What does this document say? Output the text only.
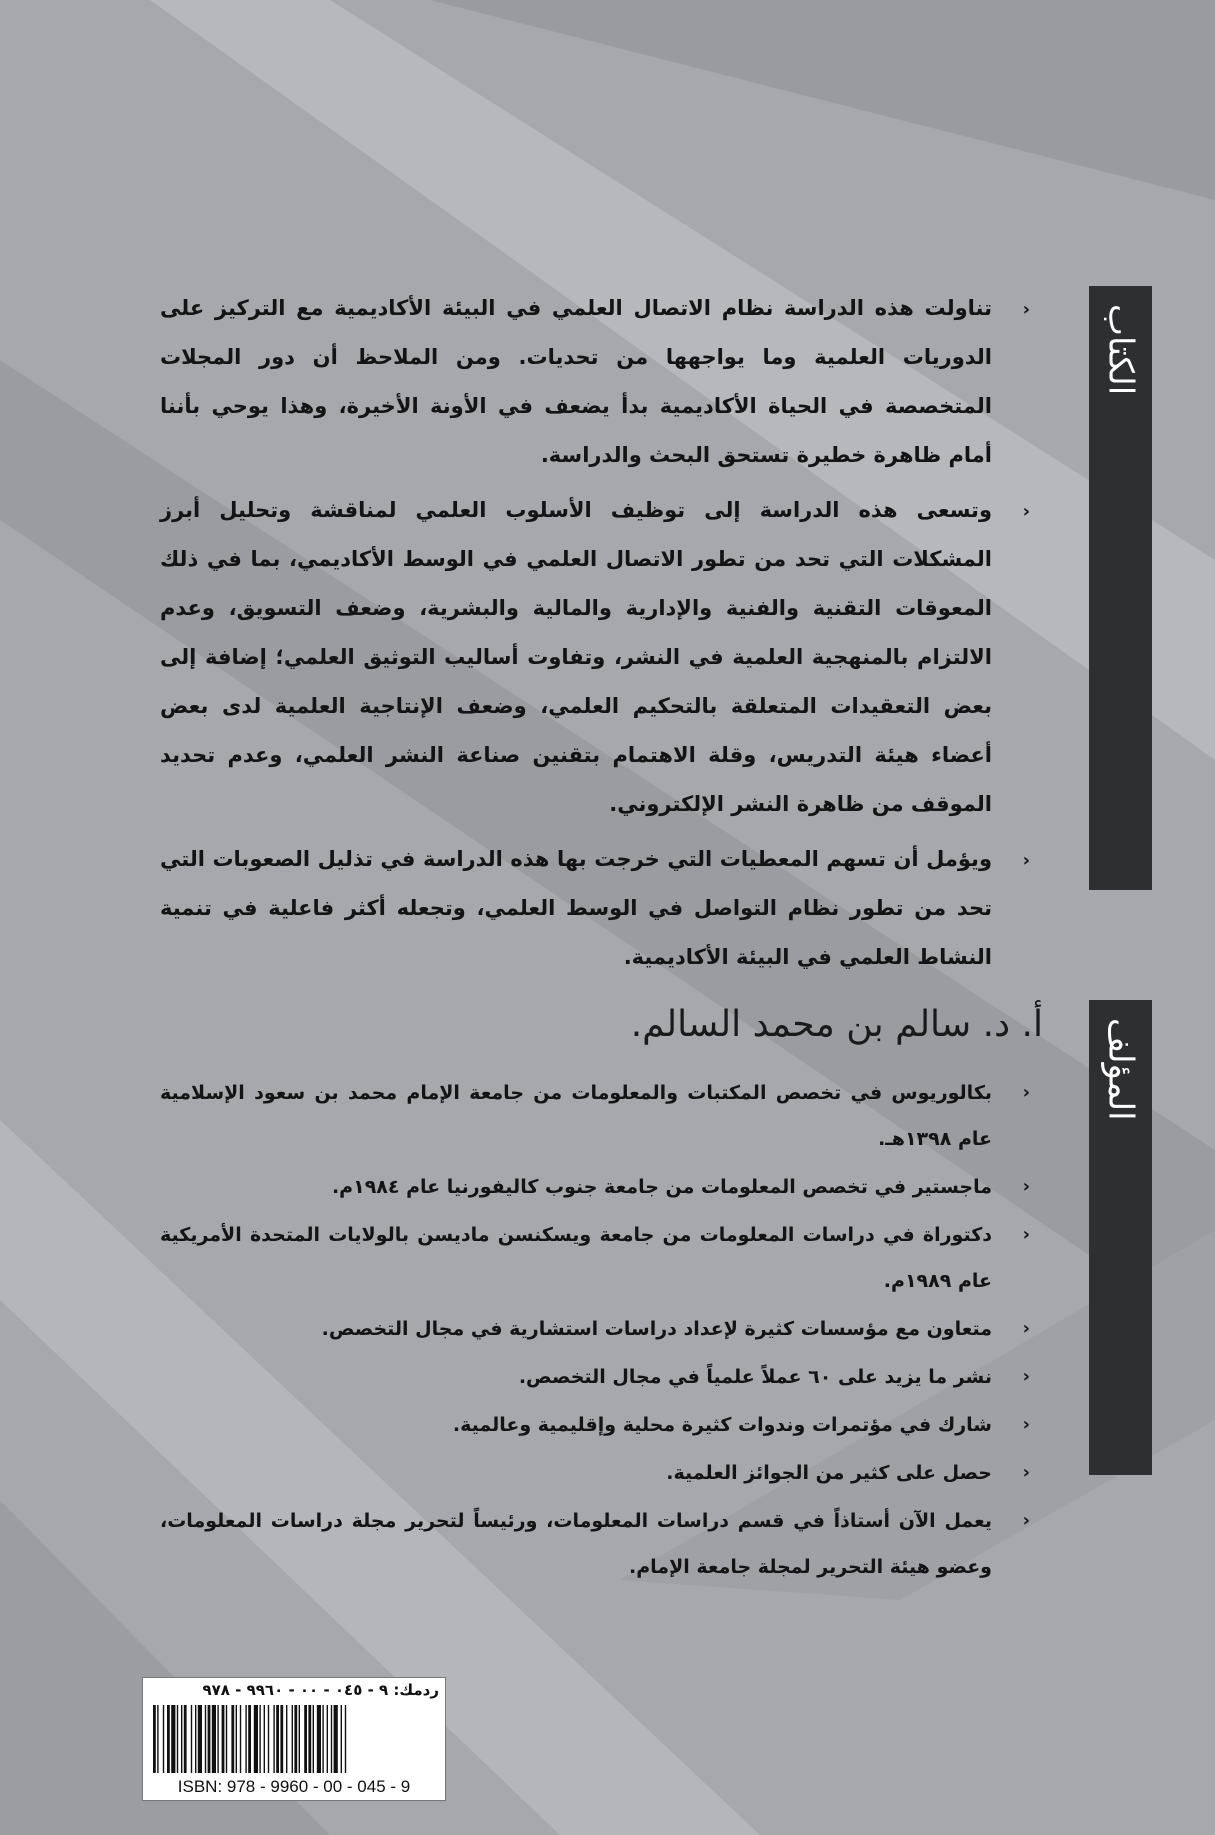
الكتاب
‹
تناولت هذه الدراسة نظام الاتصال العلمي في البيئة الأكاديمية مع التركيز على الدوريات العلمية وما يواجهها من تحديات. ومن الملاحظ أن دور المجلات المتخصصة في الحياة الأكاديمية بدأ يضعف في الأونة الأخيرة، وهذا يوحي بأننا أمام ظاهرة خطيرة تستحق البحث والدراسة.
‹
وتسعى هذه الدراسة إلى توظيف الأسلوب العلمي لمناقشة وتحليل أبرز المشكلات التي تحد من تطور الاتصال العلمي في الوسط الأكاديمي، بما في ذلك المعوقات التقنية والفنية والإدارية والمالية والبشرية، وضعف التسويق، وعدم الالتزام بالمنهجية العلمية في النشر، وتفاوت أساليب التوثيق العلمي؛ إضافة إلى بعض التعقيدات المتعلقة بالتحكيم العلمي، وضعف الإنتاجية العلمية لدى بعض أعضاء هيئة التدريس، وقلة الاهتمام بتقنين صناعة النشر العلمي، وعدم تحديد الموقف من ظاهرة النشر الإلكتروني.
‹
ويؤمل أن تسهم المعطيات التي خرجت بها هذه الدراسة في تذليل الصعوبات التي تحد من تطور نظام التواصل في الوسط العلمي، وتجعله أكثر فاعلية في تنمية النشاط العلمي في البيئة الأكاديمية.
المؤلف
أ. د. سالم بن محمد السالم.
‹
بكالوريوس في تخصص المكتبات والمعلومات من جامعة الإمام محمد بن سعود الإسلامية عام ١٣٩٨هـ.
‹
ماجستير في تخصص المعلومات من جامعة جنوب كاليفورنيا عام ١٩٨٤م.
‹
دكتوراة في دراسات المعلومات من جامعة ويسكنسن ماديسن بالولايات المتحدة الأمريكية عام ١٩٨٩م.
‹
متعاون مع مؤسسات كثيرة لإعداد دراسات استشارية في مجال التخصص.
‹
نشر ما يزيد على ٦٠ عملاً علمياً في مجال التخصص.
‹
شارك في مؤتمرات وندوات كثيرة محلية وإقليمية وعالمية.
‹
حصل على كثير من الجوائز العلمية.
‹
يعمل الآن أستاذاً في قسم دراسات المعلومات، ورئيساً لتحرير مجلة دراسات المعلومات، وعضو هيئة التحرير لمجلة جامعة الإمام.
ردمك: ٩ - ٠٤٥ - ٠٠ - ٩٩٦٠ - ٩٧٨
ISBN: 978 - 9960 - 00 - 045 - 9
